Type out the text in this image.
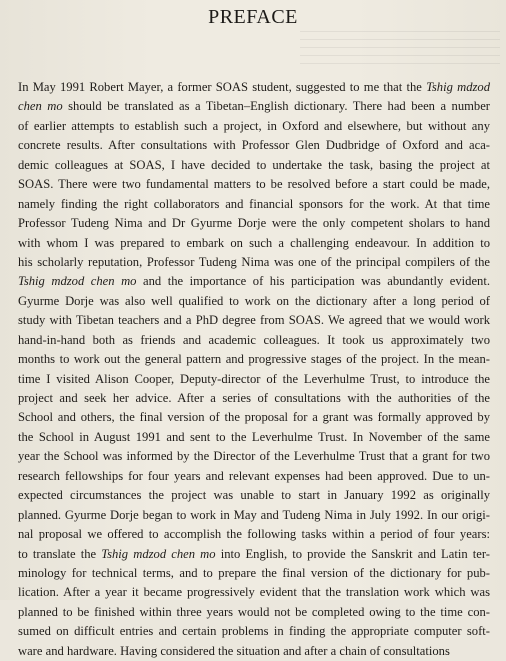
PREFACE
In May 1991 Robert Mayer, a former SOAS student, suggested to me that the Tshig mdzod
chen mo should be translated as a Tibetan–English dictionary. There had been a number
of earlier attempts to establish such a project, in Oxford and elsewhere, but without any
concrete results. After consultations with Professor Glen Dudbridge of Oxford and aca-
demic colleagues at SOAS, I have decided to undertake the task, basing the project at
SOAS. There were two fundamental matters to be resolved before a start could be made,
namely finding the right collaborators and financial sponsors for the work. At that time
Professor Tudeng Nima and Dr Gyurme Dorje were the only competent sholars to hand
with whom I was prepared to embark on such a challenging endeavour. In addition to
his scholarly reputation, Professor Tudeng Nima was one of the principal compilers of the
Tshig mdzod chen mo and the importance of his participation was abundantly evident.
Gyurme Dorje was also well qualified to work on the dictionary after a long period of
study with Tibetan teachers and a PhD degree from SOAS. We agreed that we would work
hand-in-hand both as friends and academic colleagues. It took us approximately two
months to work out the general pattern and progressive stages of the project. In the mean-
time I visited Alison Cooper, Deputy-director of the Leverhulme Trust, to introduce the
project and seek her advice. After a series of consultations with the authorities of the
School and others, the final version of the proposal for a grant was formally approved by
the School in August 1991 and sent to the Leverhulme Trust. In November of the same
year the School was informed by the Director of the Leverhulme Trust that a grant for two
research fellowships for four years and relevant expenses had been approved. Due to un-
expected circumstances the project was unable to start in January 1992 as originally
planned. Gyurme Dorje began to work in May and Tudeng Nima in July 1992. In our origi-
nal proposal we offered to accomplish the following tasks within a period of four years:
to translate the Tshig mdzod chen mo into English, to provide the Sanskrit and Latin ter-
minology for technical terms, and to prepare the final version of the dictionary for pub-
lication. After a year it became progressively evident that the translation work which was
planned to be finished within three years would not be completed owing to the time con-
sumed on difficult entries and certain problems in finding the appropriate computer soft-
ware and hardware. Having considered the situation and after a chain of consultations
